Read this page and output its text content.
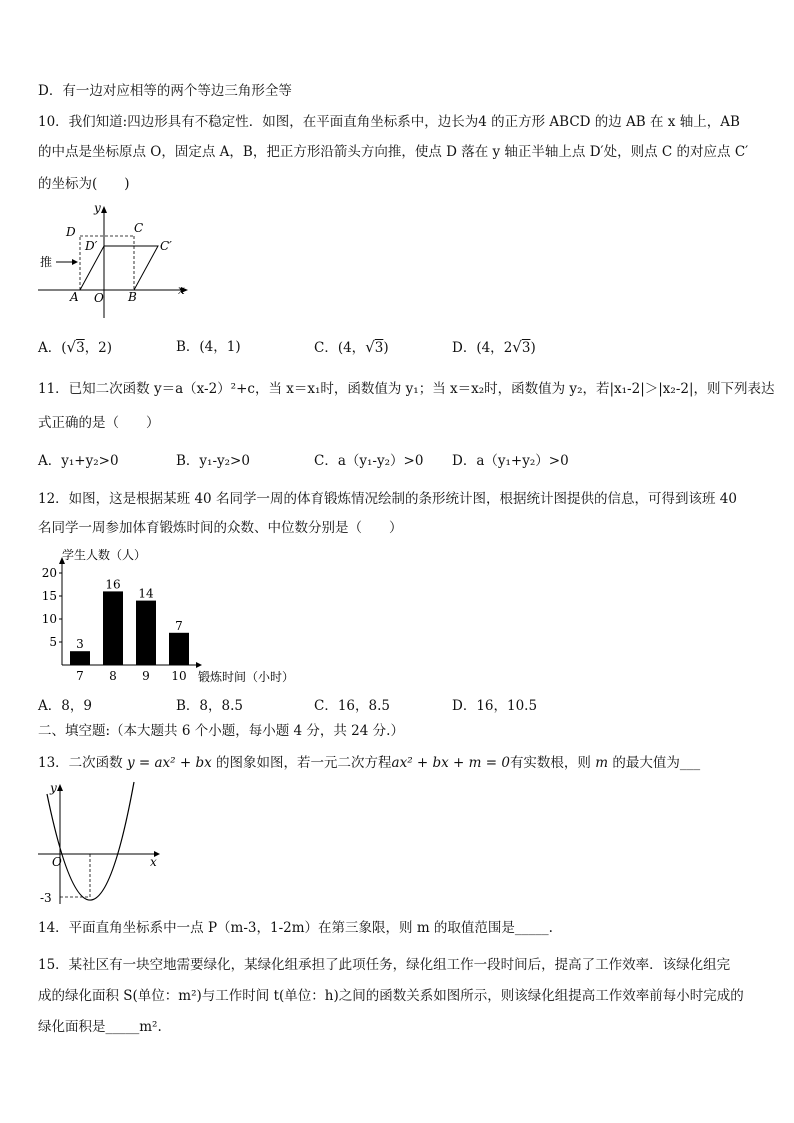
D．有一边对应相等的两个等边三角形全等
10．我们知道:四边形具有不稳定性．如图，在平面直角坐标系中，边长为4 的正方形 ABCD 的边 AB 在 x 轴上，AB
的中点是坐标原点 O，固定点 A，B，把正方形沿箭头方向推，使点 D 落在 y 轴正半轴上点 D′处，则点 C 的对应点 C′
的坐标为(　　)
推
y
x
D	C
D′	C′
A O B
A．(√3，2)	B．(4，1)	C．(4，√3)	D．(4，2√3)
11．已知二次函数 y＝a（x-2）²+c，当 x＝x₁时，函数值为 y₁；当 x＝x₂时，函数值为 y₂，若|x₁-2|＞|x₂-2|，则下列表达
式正确的是（　　）
A．y₁+y₂>0	B．y₁-y₂>0	C．a（y₁-y₂）>0 D．a（y₁+y₂）>0
12．如图，这是根据某班 40 名同学一周的体育锻炼情况绘制的条形统计图，根据统计图提供的信息，可得到该班 40
名同学一周参加体育锻炼时间的众数、中位数分别是（　　）
学生人数（人）
锻炼时间（小时）
5
10
15
20
3
7
16
8
14
9
7
10
A．8，9	B．8，8.5	C．16，8.5	D．16，10.5
二、填空题:（本大题共 6 个小题，每小题 4 分，共 24 分.）
13．二次函数 y = ax² + bx 的图象如图，若一元二次方程ax² + bx + m = 0有实数根，则 m 的最大值为___
y
x
O
-3
14．平面直角坐标系中一点 P（m-3，1-2m）在第三象限，则 m 的取值范围是_____.
15．某社区有一块空地需要绿化，某绿化组承担了此项任务，绿化组工作一段时间后，提高了工作效率．该绿化组完
成的绿化面积 S(单位：m²)与工作时间 t(单位：h)之间的函数关系如图所示，则该绿化组提高工作效率前每小时完成的
绿化面积是_____m².
